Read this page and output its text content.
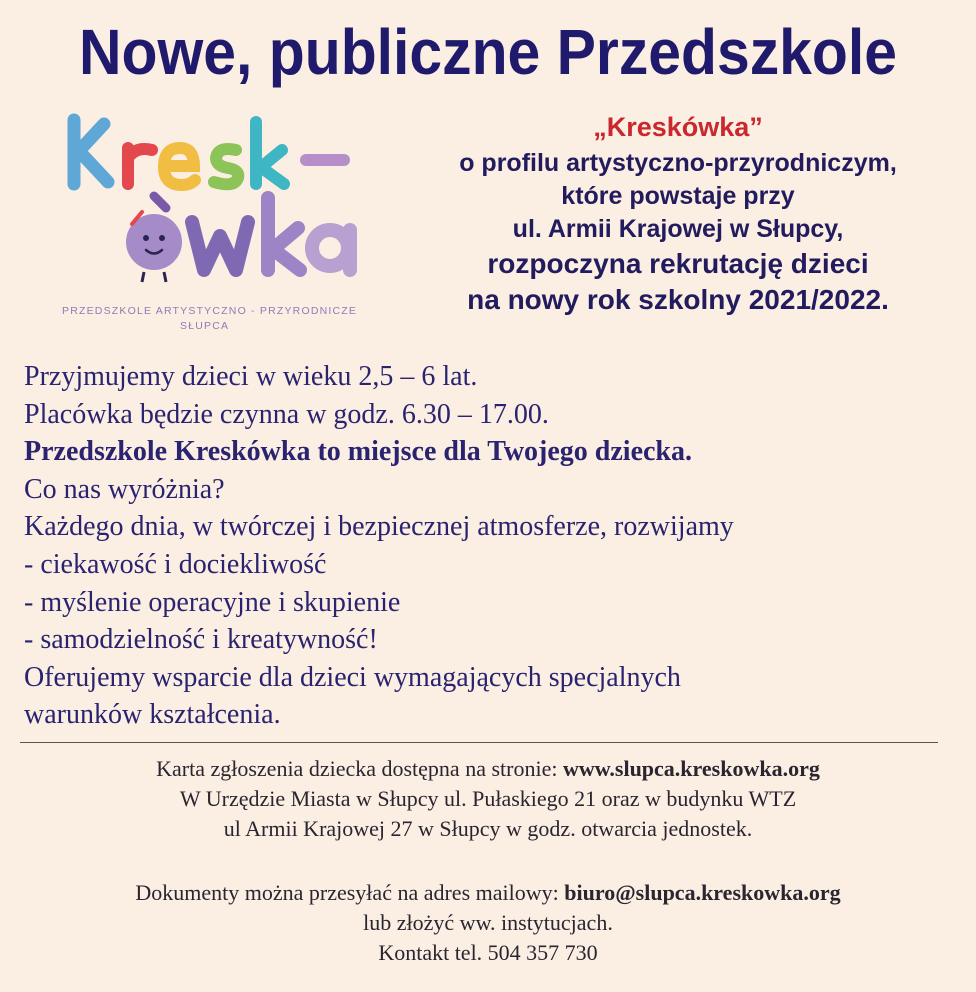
Nowe, publiczne Przedszkole
PRZEDSZKOLE ARTYSTYCZNO - PRZYRODNICZE
SŁUPCA
„Kreskówka”
o profilu artystyczno-przyrodniczym,
które powstaje przy
ul. Armii Krajowej w Słupcy,
rozpoczyna rekrutację dzieci
na nowy rok szkolny 2021/2022.
Przyjmujemy dzieci w wieku 2,5 – 6 lat.
Placówka będzie czynna w godz. 6.30 – 17.00.
Przedszkole Kreskówka to miejsce dla Twojego dziecka.
Co nas wyróżnia?
Każdego dnia, w twórczej i bezpiecznej atmosferze, rozwijamy
- ciekawość i dociekliwość
- myślenie operacyjne i skupienie
- samodzielność i kreatywność!
Oferujemy wsparcie dla dzieci wymagających specjalnych
warunków kształcenia.
Karta zgłoszenia dziecka dostępna na stronie: www.slupca.kreskowka.org
W Urzędzie Miasta w Słupcy ul. Pułaskiego 21 oraz w budynku WTZ
ul Armii Krajowej 27 w Słupcy w godz. otwarcia jednostek.
Dokumenty można przesyłać na adres mailowy: biuro@slupca.kreskowka.org
lub złożyć ww. instytucjach.
Kontakt tel. 504 357 730
